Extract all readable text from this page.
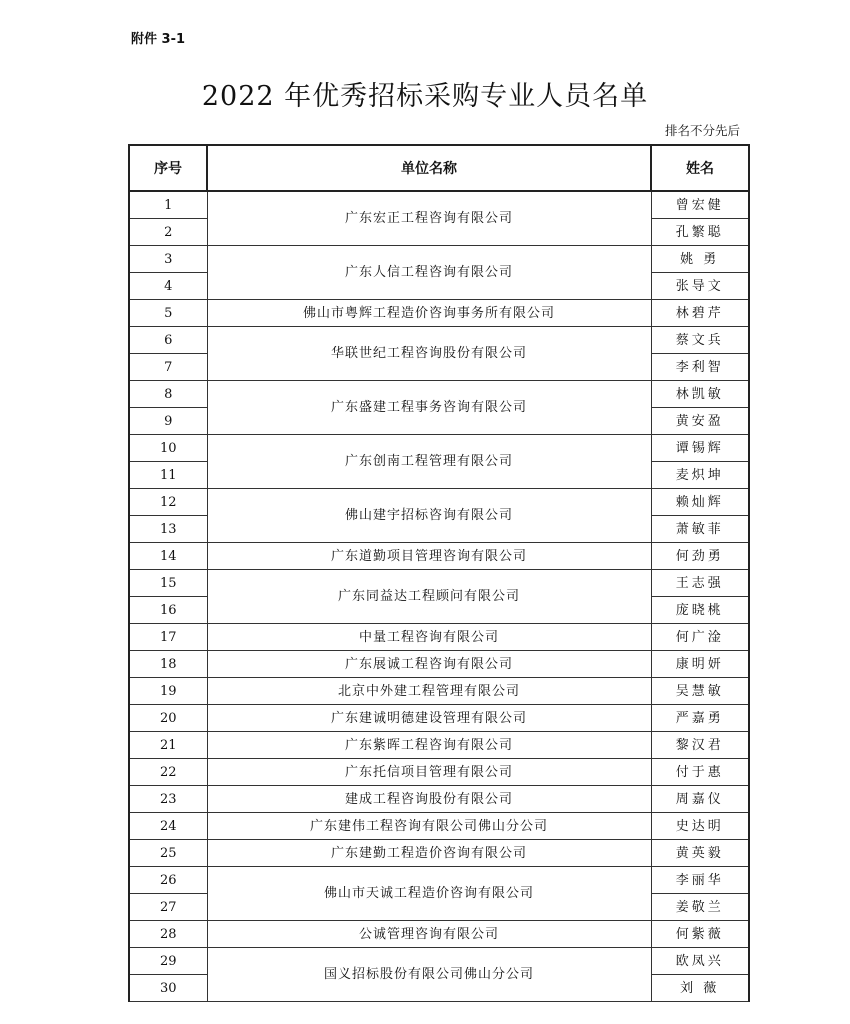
附件 3-1
2022 年优秀招标采购专业人员名单
排名不分先后
序号	单位名称	姓名
1	广东宏正工程咨询有限公司	曾宏健
2		孔繁聪
3	广东人信工程咨询有限公司	姚 勇
4		张导文
5	佛山市粤辉工程造价咨询事务所有限公司	林碧芹
6	华联世纪工程咨询股份有限公司	蔡文兵
7		李利智
8	广东盛建工程事务咨询有限公司	林凯敏
9		黄安盈
10	广东创南工程管理有限公司	谭锡辉
11		麦炽坤
12	佛山建宇招标咨询有限公司	赖灿辉
13		萧敏菲
14	广东道勤项目管理咨询有限公司	何劲勇
15	广东同益达工程顾问有限公司	王志强
16		庞晓桃
17	中量工程咨询有限公司	何广淦
18	广东展诚工程咨询有限公司	康明妍
19	北京中外建工程管理有限公司	吴慧敏
20	广东建诚明德建设管理有限公司	严嘉勇
21	广东紫晖工程咨询有限公司	黎汉君
22	广东托信项目管理有限公司	付于惠
23	建成工程咨询股份有限公司	周嘉仪
24	广东建伟工程咨询有限公司佛山分公司	史达明
25	广东建勤工程造价咨询有限公司	黄英毅
26	佛山市天诚工程造价咨询有限公司	李丽华
27		姜敬兰
28	公诚管理咨询有限公司	何紫薇
29	国义招标股份有限公司佛山分公司	欧凤兴
30		刘 薇
